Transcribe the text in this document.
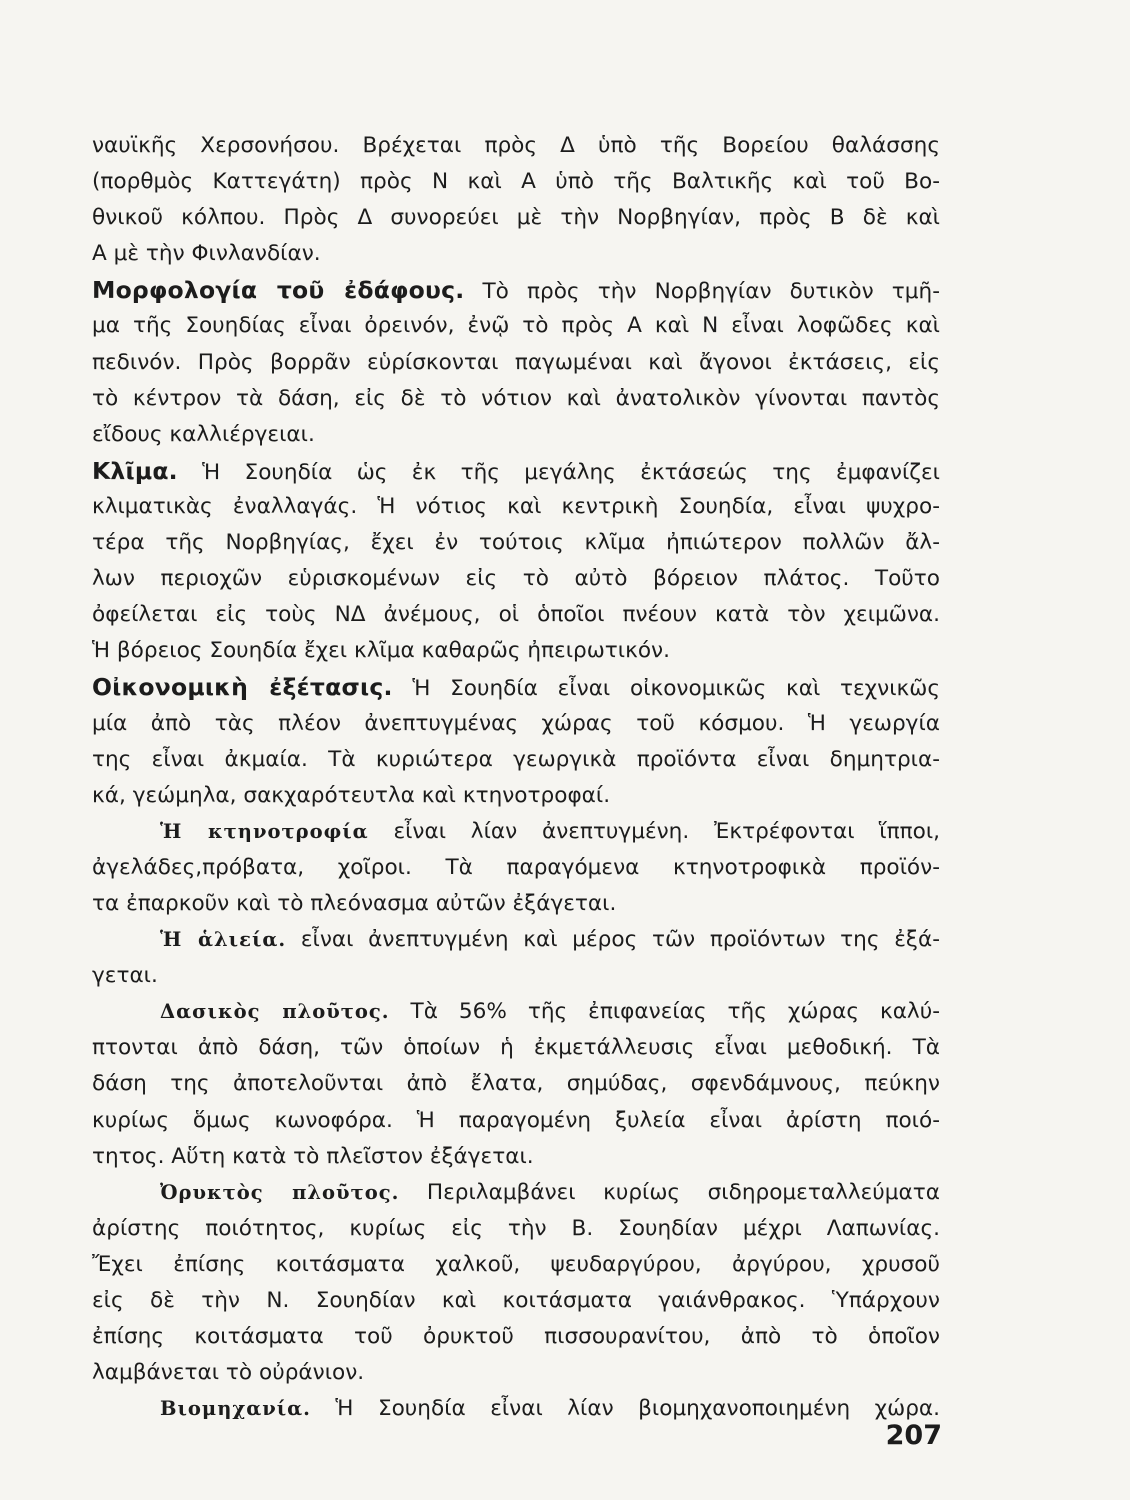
ναυϊκῆς Χερσονήσου. Βρέχεται πρὸς Δ ὑπὸ τῆς Βορείου θαλάσσης
(πορθμὸς Καττεγάτη) πρὸς Ν καὶ Α ὑπὸ τῆς Βαλτικῆς καὶ τοῦ Βο-
θνικοῦ κόλπου. Πρὸς Δ συνορεύει μὲ τὴν Νορβηγίαν, πρὸς Β δὲ καὶ
Α μὲ τὴν Φινλανδίαν.
Μορφολογία τοῦ ἐδάφους. Τὸ πρὸς τὴν Νορβηγίαν δυτικὸν τμῆ-
μα τῆς Σουηδίας εἶναι ὀρεινόν, ἐνῷ τὸ πρὸς Α καὶ Ν εἶναι λοφῶδες καὶ
πεδινόν. Πρὸς βορρᾶν εὑρίσκονται παγωμέναι καὶ ἄγονοι ἐκτάσεις, εἰς
τὸ κέντρον τὰ δάση, εἰς δὲ τὸ νότιον καὶ ἀνατολικὸν γίνονται παντὸς
εἴδους καλλιέργειαι.
Κλῖμα. Ἡ Σουηδία ὡς ἐκ τῆς μεγάλης ἐκτάσεώς της ἐμφανίζει
κλιματικὰς ἐναλλαγάς. Ἡ νότιος καὶ κεντρικὴ Σουηδία, εἶναι ψυχρο-
τέρα τῆς Νορβηγίας, ἔχει ἐν τούτοις κλῖμα ἠπιώτερον πολλῶν ἄλ-
λων περιοχῶν εὑρισκομένων εἰς τὸ αὐτὸ βόρειον πλάτος. Τοῦτο
ὀφείλεται εἰς τοὺς ΝΔ ἀνέμους, οἱ ὁποῖοι πνέουν κατὰ τὸν χειμῶνα.
Ἡ βόρειος Σουηδία ἔχει κλῖμα καθαρῶς ἠπειρωτικόν.
Οἰκονομικὴ ἐξέτασις. Ἡ Σουηδία εἶναι οἰκονομικῶς καὶ τεχνικῶς
μία ἀπὸ τὰς πλέον ἀνεπτυγμένας χώρας τοῦ κόσμου. Ἡ γεωργία
της εἶναι ἀκμαία. Τὰ κυριώτερα γεωργικὰ προϊόντα εἶναι δημητρια-
κά, γεώμηλα, σακχαρότευτλα καὶ κτηνοτροφαί.
Ἡ κτηνοτροφία εἶναι λίαν ἀνεπτυγμένη. Ἐκτρέφονται ἵπποι,
ἀγελάδες,πρόβατα, χοῖροι. Τὰ παραγόμενα κτηνοτροφικὰ προϊόν-
τα ἐπαρκοῦν καὶ τὸ πλεόνασμα αὐτῶν ἐξάγεται.
Ἡ ἁλιεία. εἶναι ἀνεπτυγμένη καὶ μέρος τῶν προϊόντων της ἐξά-
γεται.
Δασικὸς πλοῦτος. Τὰ 56% τῆς ἐπιφανείας τῆς χώρας καλύ-
πτονται ἀπὸ δάση, τῶν ὁποίων ἡ ἐκμετάλλευσις εἶναι μεθοδική. Τὰ
δάση της ἀποτελοῦνται ἀπὸ ἔλατα, σημύδας, σφενδάμνους, πεύκην
κυρίως ὅμως κωνοφόρα. Ἡ παραγομένη ξυλεία εἶναι ἀρίστη ποιό-
τητος. Αὕτη κατὰ τὸ πλεῖστον ἐξάγεται.
Ὀρυκτὸς πλοῦτος. Περιλαμβάνει κυρίως σιδηρομεταλλεύματα
ἀρίστης ποιότητος, κυρίως εἰς τὴν Β. Σουηδίαν μέχρι Λαπωνίας.
Ἔχει ἐπίσης κοιτάσματα χαλκοῦ, ψευδαργύρου, ἀργύρου, χρυσοῦ
εἰς δὲ τὴν Ν. Σουηδίαν καὶ κοιτάσματα γαιάνθρακος. Ὑπάρχουν
ἐπίσης κοιτάσματα τοῦ ὀρυκτοῦ πισσουρανίτου, ἀπὸ τὸ ὁποῖον
λαμβάνεται τὸ οὐράνιον.
Βιομηχανία. Ἡ Σουηδία εἶναι λίαν βιομηχανοποιημένη χώρα.
207
